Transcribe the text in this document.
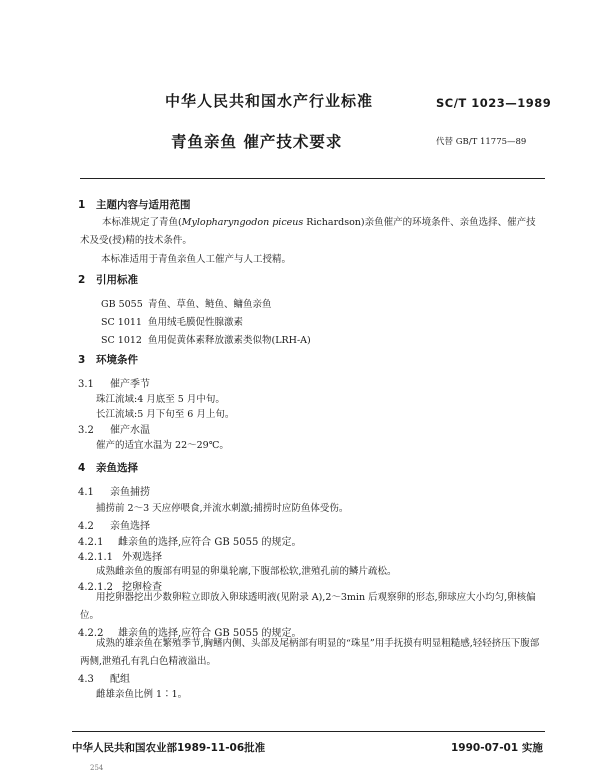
中华人民共和国水产行业标准	SC/T 1023—1989
青鱼亲鱼 催产技术要求	代替 GB/T 11775—89
1 主题内容与适用范围
本标准规定了青鱼(Mylopharyngodon piceus Richardson)亲鱼催产的环境条件、亲鱼选择、催产技术及受(授)精的技术条件。
本标准适用于青鱼亲鱼人工催产与人工授精。
2 引用标准
GB 5055 青鱼、草鱼、鲢鱼、鳙鱼亲鱼
SC 1011 鱼用绒毛膜促性腺激素
SC 1012 鱼用促黄体素释放激素类似物(LRH-A)
3 环境条件
3.1 催产季节
珠江流域:4 月底至 5 月中旬。
长江流域:5 月下旬至 6 月上旬。
3.2 催产水温
催产的适宜水温为 22～29℃。
4 亲鱼选择
4.1 亲鱼捕捞
捕捞前 2～3 天应停喂食,并流水刺激;捕捞时应防鱼体受伤。
4.2 亲鱼选择
4.2.1 雌亲鱼的选择,应符合 GB 5055 的规定。
4.2.1.1 外观选择
成熟雌亲鱼的腹部有明显的卵巢轮廓,下腹部松软,泄殖孔前的鳞片疏松。
4.2.1.2 挖卵检查
用挖卵器挖出少数卵粒立即放入卵球透明液(见附录 A),2～3min 后观察卵的形态,卵球应大小均匀,卵核偏位。
4.2.2 雄亲鱼的选择,应符合 GB 5055 的规定。
成熟的雄亲鱼在繁殖季节,胸鳍内侧、头部及尾柄部有明显的“珠星”用手抚摸有明显粗糙感,轻轻挤压下腹部两侧,泄殖孔有乳白色精液溢出。
4.3 配组
雌雄亲鱼比例 1∶1。
中华人民共和国农业部1989-11-06批准	1990-07-01 实施
254
